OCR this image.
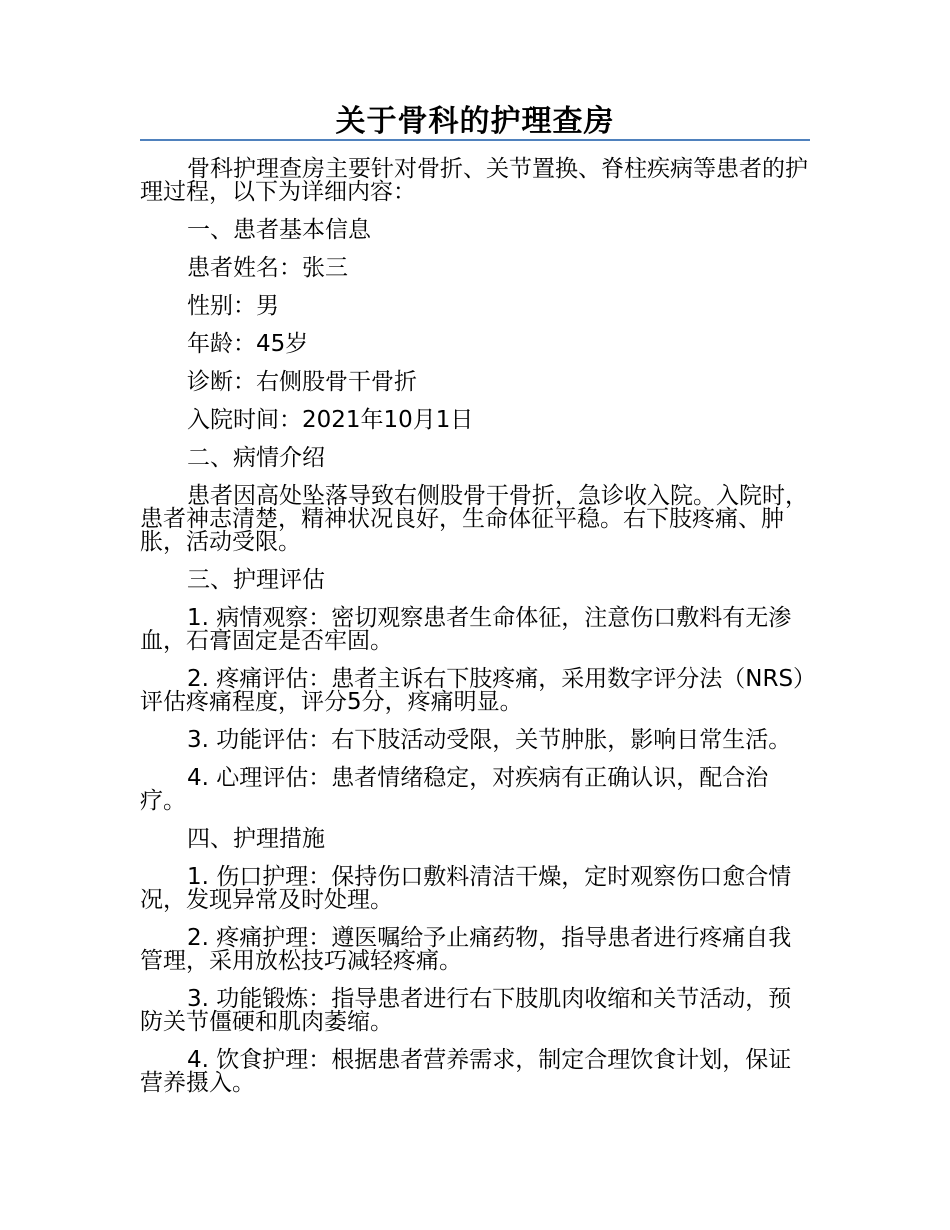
关于骨科的护理查房

骨科护理查房主要针对骨折、关节置换、脊柱疾病等患者的护理过程，以下为详细内容：

一、患者基本信息
患者姓名：张三
性别：男
年龄：45岁
诊断：右侧股骨干骨折
入院时间：2021年10月1日
二、病情介绍

患者因高处坠落导致右侧股骨干骨折，急诊收入院。入院时，患者神志清楚，精神状况良好，生命体征平稳。右下肢疼痛、肿胀，活动受限。

三、护理评估

1. 病情观察：密切观察患者生命体征，注意伤口敷料有无渗血，石膏固定是否牢固。

2. 疼痛评估：患者主诉右下肢疼痛，采用数字评分法（NRS）评估疼痛程度，评分5分，疼痛明显。

3. 功能评估：右下肢活动受限，关节肿胀，影响日常生活。

4. 心理评估：患者情绪稳定，对疾病有正确认识，配合治疗。

四、护理措施

1. 伤口护理：保持伤口敷料清洁干燥，定时观察伤口愈合情况，发现异常及时处理。

2. 疼痛护理：遵医嘱给予止痛药物，指导患者进行疼痛自我管理，采用放松技巧减轻疼痛。

3. 功能锻炼：指导患者进行右下肢肌肉收缩和关节活动，预防关节僵硬和肌肉萎缩。

4. 饮食护理：根据患者营养需求，制定合理饮食计划，保证营养摄入。
